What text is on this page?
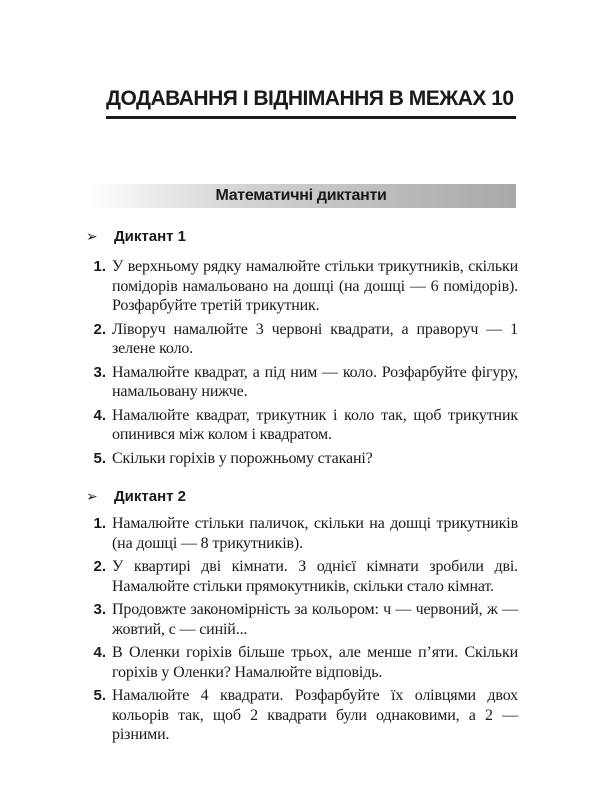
ДОДАВАННЯ І ВІДНІМАННЯ В МЕЖАХ 10
Математичні диктанти
➢ Диктант 1
1. У верхньому рядку намалюйте стільки трикутників, скільки помідорів намальовано на дошці (на дошці — 6 помідорів). Розфарбуйте третій трикутник.
2. Ліворуч намалюйте 3 червоні квадрати, а праворуч — 1 зелене коло.
3. Намалюйте квадрат, а під ним — коло. Розфарбуйте фігуру, намальовану нижче.
4. Намалюйте квадрат, трикутник і коло так, щоб трикутник опинився між колом і квадратом.
5. Скільки горіхів у порожньому стакані?
➢ Диктант 2
1. Намалюйте стільки паличок, скільки на дошці трикутників (на дошці — 8 трикутників).
2. У квартирі дві кімнати. З однієї кімнати зробили дві. Намалюйте стільки прямокутників, скільки стало кімнат.
3. Продовжте закономірність за кольором: ч — червоний, ж — жовтий, с — синій...
4. В Оленки горіхів більше трьох, але менше п’яти. Скільки горіхів у Оленки? Намалюйте відповідь.
5. Намалюйте 4 квадрати. Розфарбуйте їх олівцями двох кольорів так, щоб 2 квадрати були однаковими, а 2 — різними.
